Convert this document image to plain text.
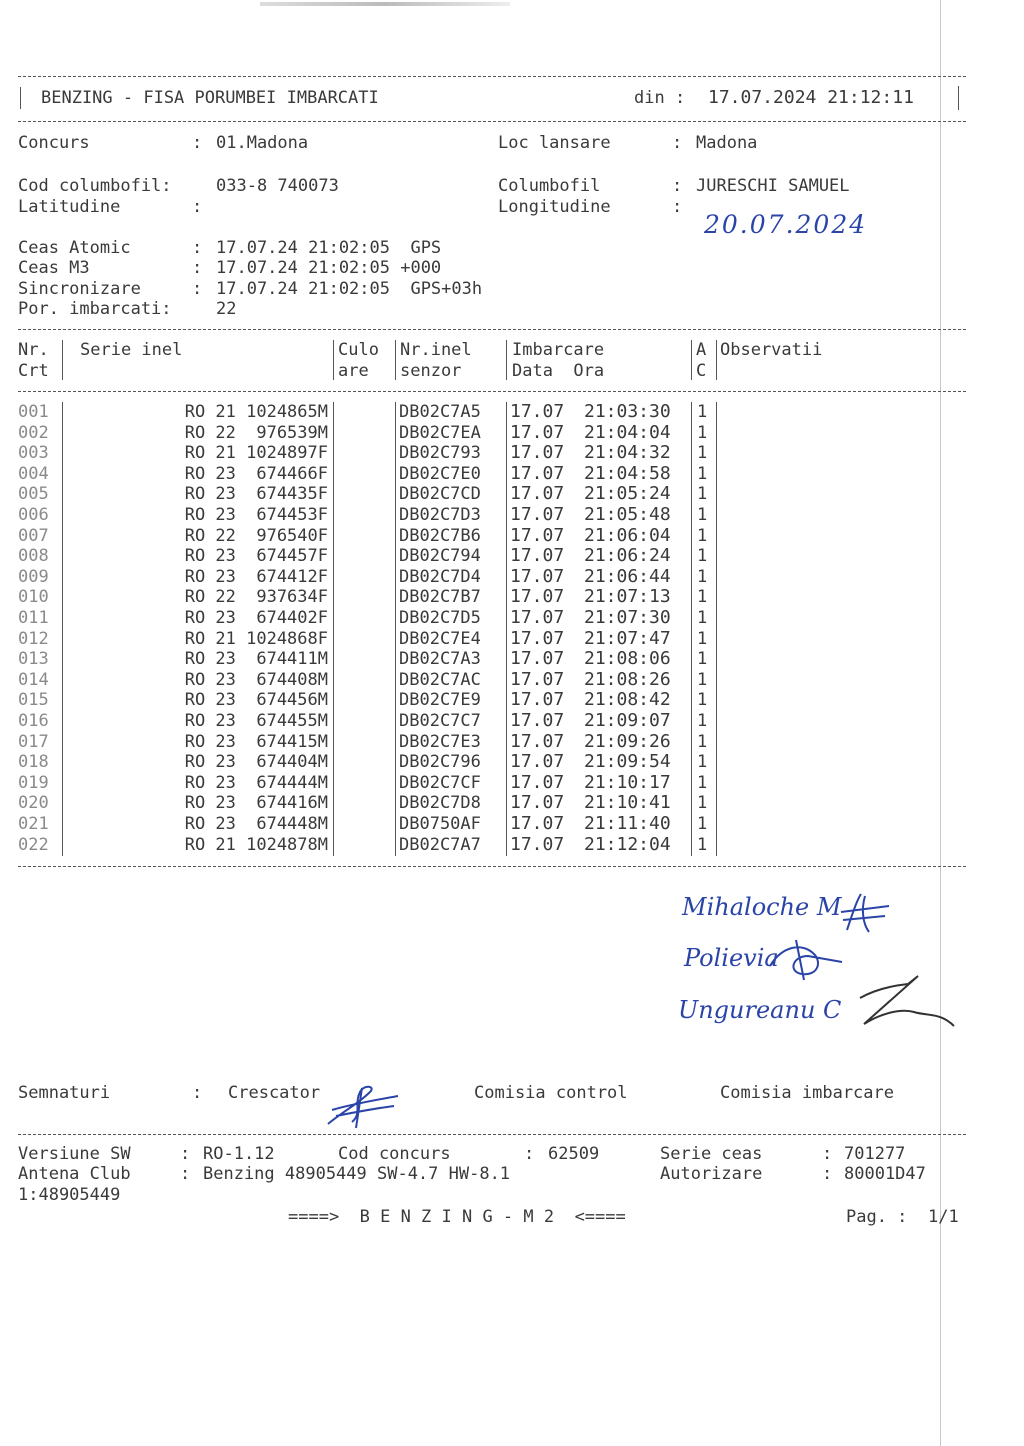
BENZING - FISA PORUMBEI IMBARCATI	din : 17.07.2024 21:12:11
Concurs	: 01.Madona	Loc lansare	: Madona
Cod columbofil:	033-8 740073	Columbofil	: JURESCHI SAMUEL
Latitudine	:	Longitudine	:
20.07.2024
Ceas Atomic	: 17.07.24 21:02:05  GPS
Ceas M3	: 17.07.24 21:02:05 +000
Sincronizare	: 17.07.24 21:02:05  GPS+03h
Por. imbarcati:	22
Nr.
Crt
Serie inel	Culo
are
Nr.inel
senzor
Imbarcare
Data  Ora
A
C
Observatii
001	RO 21 1024865M	DB02C7A5	17.07	21:03:30	1
002	RO 22  976539M	DB02C7EA	17.07	21:04:04	1
003	RO 21 1024897F	DB02C793	17.07	21:04:32	1
004	RO 23  674466F	DB02C7E0	17.07	21:04:58	1
005	RO 23  674435F	DB02C7CD	17.07	21:05:24	1
006	RO 23  674453F	DB02C7D3	17.07	21:05:48	1
007	RO 22  976540F	DB02C7B6	17.07	21:06:04	1
008	RO 23  674457F	DB02C794	17.07	21:06:24	1
009	RO 23  674412F	DB02C7D4	17.07	21:06:44	1
010	RO 22  937634F	DB02C7B7	17.07	21:07:13	1
011	RO 23  674402F	DB02C7D5	17.07	21:07:30	1
012	RO 21 1024868F	DB02C7E4	17.07	21:07:47	1
013	RO 23  674411M	DB02C7A3	17.07	21:08:06	1
014	RO 23  674408M	DB02C7AC	17.07	21:08:26	1
015	RO 23  674456M	DB02C7E9	17.07	21:08:42	1
016	RO 23  674455M	DB02C7C7	17.07	21:09:07	1
017	RO 23  674415M	DB02C7E3	17.07	21:09:26	1
018	RO 23  674404M	DB02C796	17.07	21:09:54	1
019	RO 23  674444M	DB02C7CF	17.07	21:10:17	1
020	RO 23  674416M	DB02C7D8	17.07	21:10:41	1
021	RO 23  674448M	DB0750AF	17.07	21:11:40	1
022	RO 21 1024878M	DB02C7A7	17.07	21:12:04	1
Mihaloche M
Polievia
Ungureanu C
Semnaturi	: Crescator	Comisia control	Comisia imbarcare
Versiune SW	: RO-1.12	Cod concurs	: 62509	Serie ceas	: 701277
Antena Club	: Benzing 48905449 SW-4.7 HW-8.1	Autorizare	: 80001D47
1:48905449
====>  B E N Z I N G - M 2  <====	Pag. : 1/1
